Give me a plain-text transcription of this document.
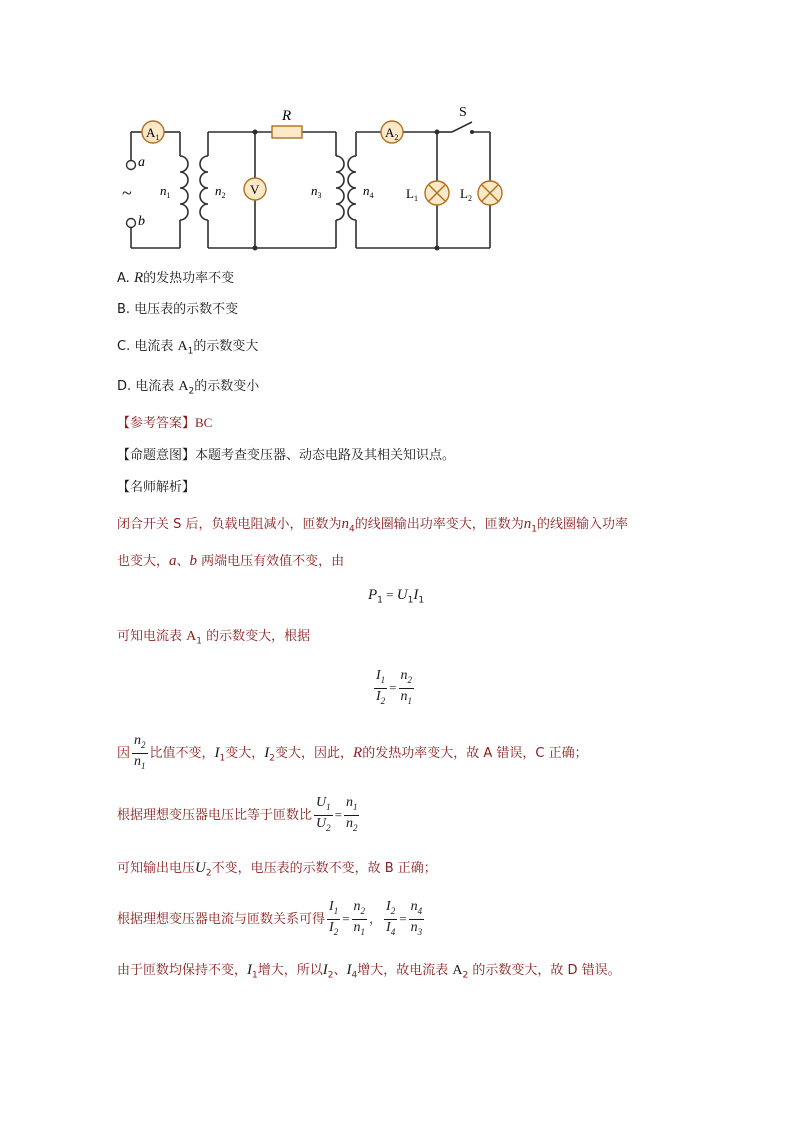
a
b
~
$A_1$
R
V
$A_2$
S
$L_1$	$L_2$
$n_1$	$n_2$	$n_3$	$n_4$
A. R的发热功率不变
B. 电压表的示数不变
C. 电流表 $A_1$的示数变大
D. 电流表 $A_2$的示数变小
【参考答案】BC
【命题意图】本题考查变压器、动态电路及其相关知识点。
【名师解析】
闭合开关 S 后，负载电阻减小，匝数为$n_4$的线圈输出功率变大，匝数为$n_1$的线圈输入功率
也变大，a、b 两端电压有效值不变，由
$P_1 = U_1I_1$
可知电流表 $A_1$ 的示数变大，根据
$\frac{I_1}{I_2} = \frac{n_2}{n_1}$
因 $\frac{n_2}{n_1}$ 比值不变，$I_1$变大，$I_2$变大，因此，R的发热功率变大，故 A 错误，C 正确；
根据理想变压器电压比等于匝数比 $\frac{U_1}{U_2} = \frac{n_1}{n_2}$
可知输出电压$U_2$不变，电压表的示数不变，故 B 正确；
根据理想变压器电流与匝数关系可得 $\frac{I_1}{I_2} = \frac{n_2}{n_1}$ ， $\frac{I_2}{I_4} = \frac{n_4}{n_3}$
由于匝数均保持不变，$I_1$增大，所以$I_2$、$I_4$增大，故电流表 $A_2$ 的示数变大，故 D 错误。
